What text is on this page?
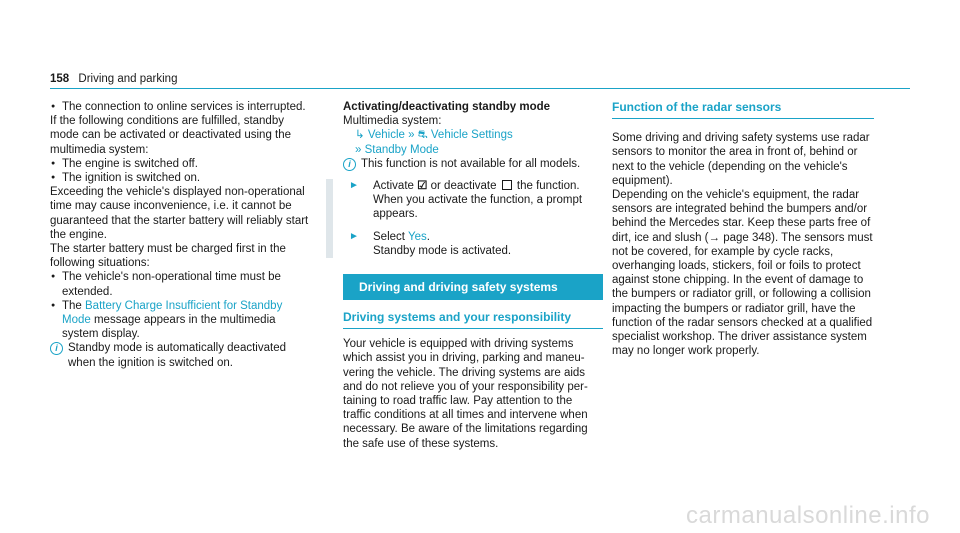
158 Driving and parking

● The connection to online services is interrupted.

If the following conditions are fulfilled, standby mode can be activated or deactivated using the multimedia system:

● The engine is switched off.

● The ignition is switched on.

Exceeding the vehicle's displayed non-operational time may cause inconvenience, i.e. it cannot be guaranteed that the starter battery will reliably start the engine.

The starter battery must be charged first in the following situations:

● The vehicle's non-operational time must be extended.

● The Battery Charge Insufficient for Standby Mode message appears in the multimedia system display.

i Standby mode is automatically deactivated when the ignition is switched on.

Activating/deactivating standby mode

Multimedia system:

↳ Vehicle » ⛐ Vehicle Settings

» Standby Mode

i This function is not available for all models.

► Activate ☑ or deactivate the function.
When you activate the function, a prompt appears.

► Select Yes.
Standby mode is activated.

Driving and driving safety systems
Driving systems and your responsibility

Your vehicle is equipped with driving systems which assist you in driving, parking and maneuvering the vehicle. The driving systems are aids and do not relieve you of your responsibility pertaining to road traffic law. Pay attention to the traffic conditions at all times and intervene when necessary. Be aware of the limitations regarding the safe use of these systems.

Function of the radar sensors

Some driving and driving safety systems use radar sensors to monitor the area in front of, behind or next to the vehicle (depending on the vehicle's equipment).

Depending on the vehicle's equipment, the radar sensors are integrated behind the bumpers and/or behind the Mercedes star. Keep these parts free of dirt, ice and slush (→ page 348). The sensors must not be covered, for example by cycle racks, overhanging loads, stickers, foil or foils to protect against stone chipping. In the event of damage to the bumpers or radiator grill, or following a collision impacting the bumpers or radiator grill, have the function of the radar sensors checked at a qualified specialist workshop. The driver assistance system may no longer work properly.

carmanualsonline.info
